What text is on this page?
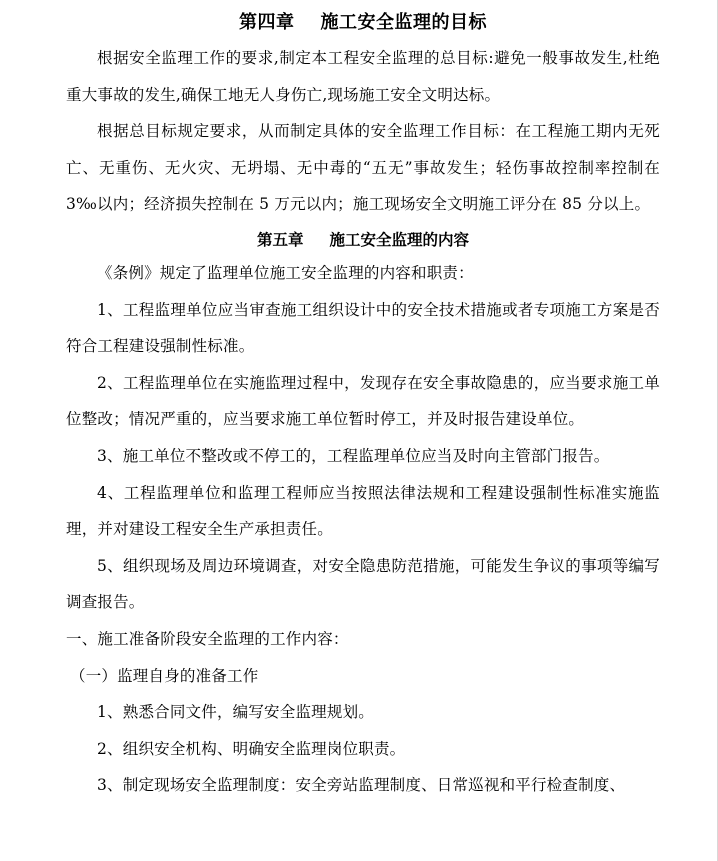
第四章 施工安全监理的目标

根据安全监理工作的要求,制定本工程安全监理的总目标:避免一般事故发生,杜绝重大事故的发生,确保工地无人身伤亡,现场施工安全文明达标。

根据总目标规定要求，从而制定具体的安全监理工作目标：在工程施工期内无死亡、无重伤、无火灾、无坍塌、无中毒的“五无”事故发生；轻伤事故控制率控制在 3‰以内；经济损失控制在 5 万元以内；施工现场安全文明施工评分在 85 分以上。

第五章 施工安全监理的内容

《条例》规定了监理单位施工安全监理的内容和职责：

1、工程监理单位应当审查施工组织设计中的安全技术措施或者专项施工方案是否符合工程建设强制性标准。

2、工程监理单位在实施监理过程中，发现存在安全事故隐患的，应当要求施工单位整改；情况严重的，应当要求施工单位暂时停工，并及时报告建设单位。

3、施工单位不整改或不停工的，工程监理单位应当及时向主管部门报告。

4、工程监理单位和监理工程师应当按照法律法规和工程建设强制性标准实施监理，并对建设工程安全生产承担责任。

5、组织现场及周边环境调查，对安全隐患防范措施，可能发生争议的事项等编写调查报告。

一、施工准备阶段安全监理的工作内容：

（一）监理自身的准备工作

1、熟悉合同文件，编写安全监理规划。

2、组织安全机构、明确安全监理岗位职责。

3、制定现场安全监理制度：安全旁站监理制度、日常巡视和平行检查制度、
